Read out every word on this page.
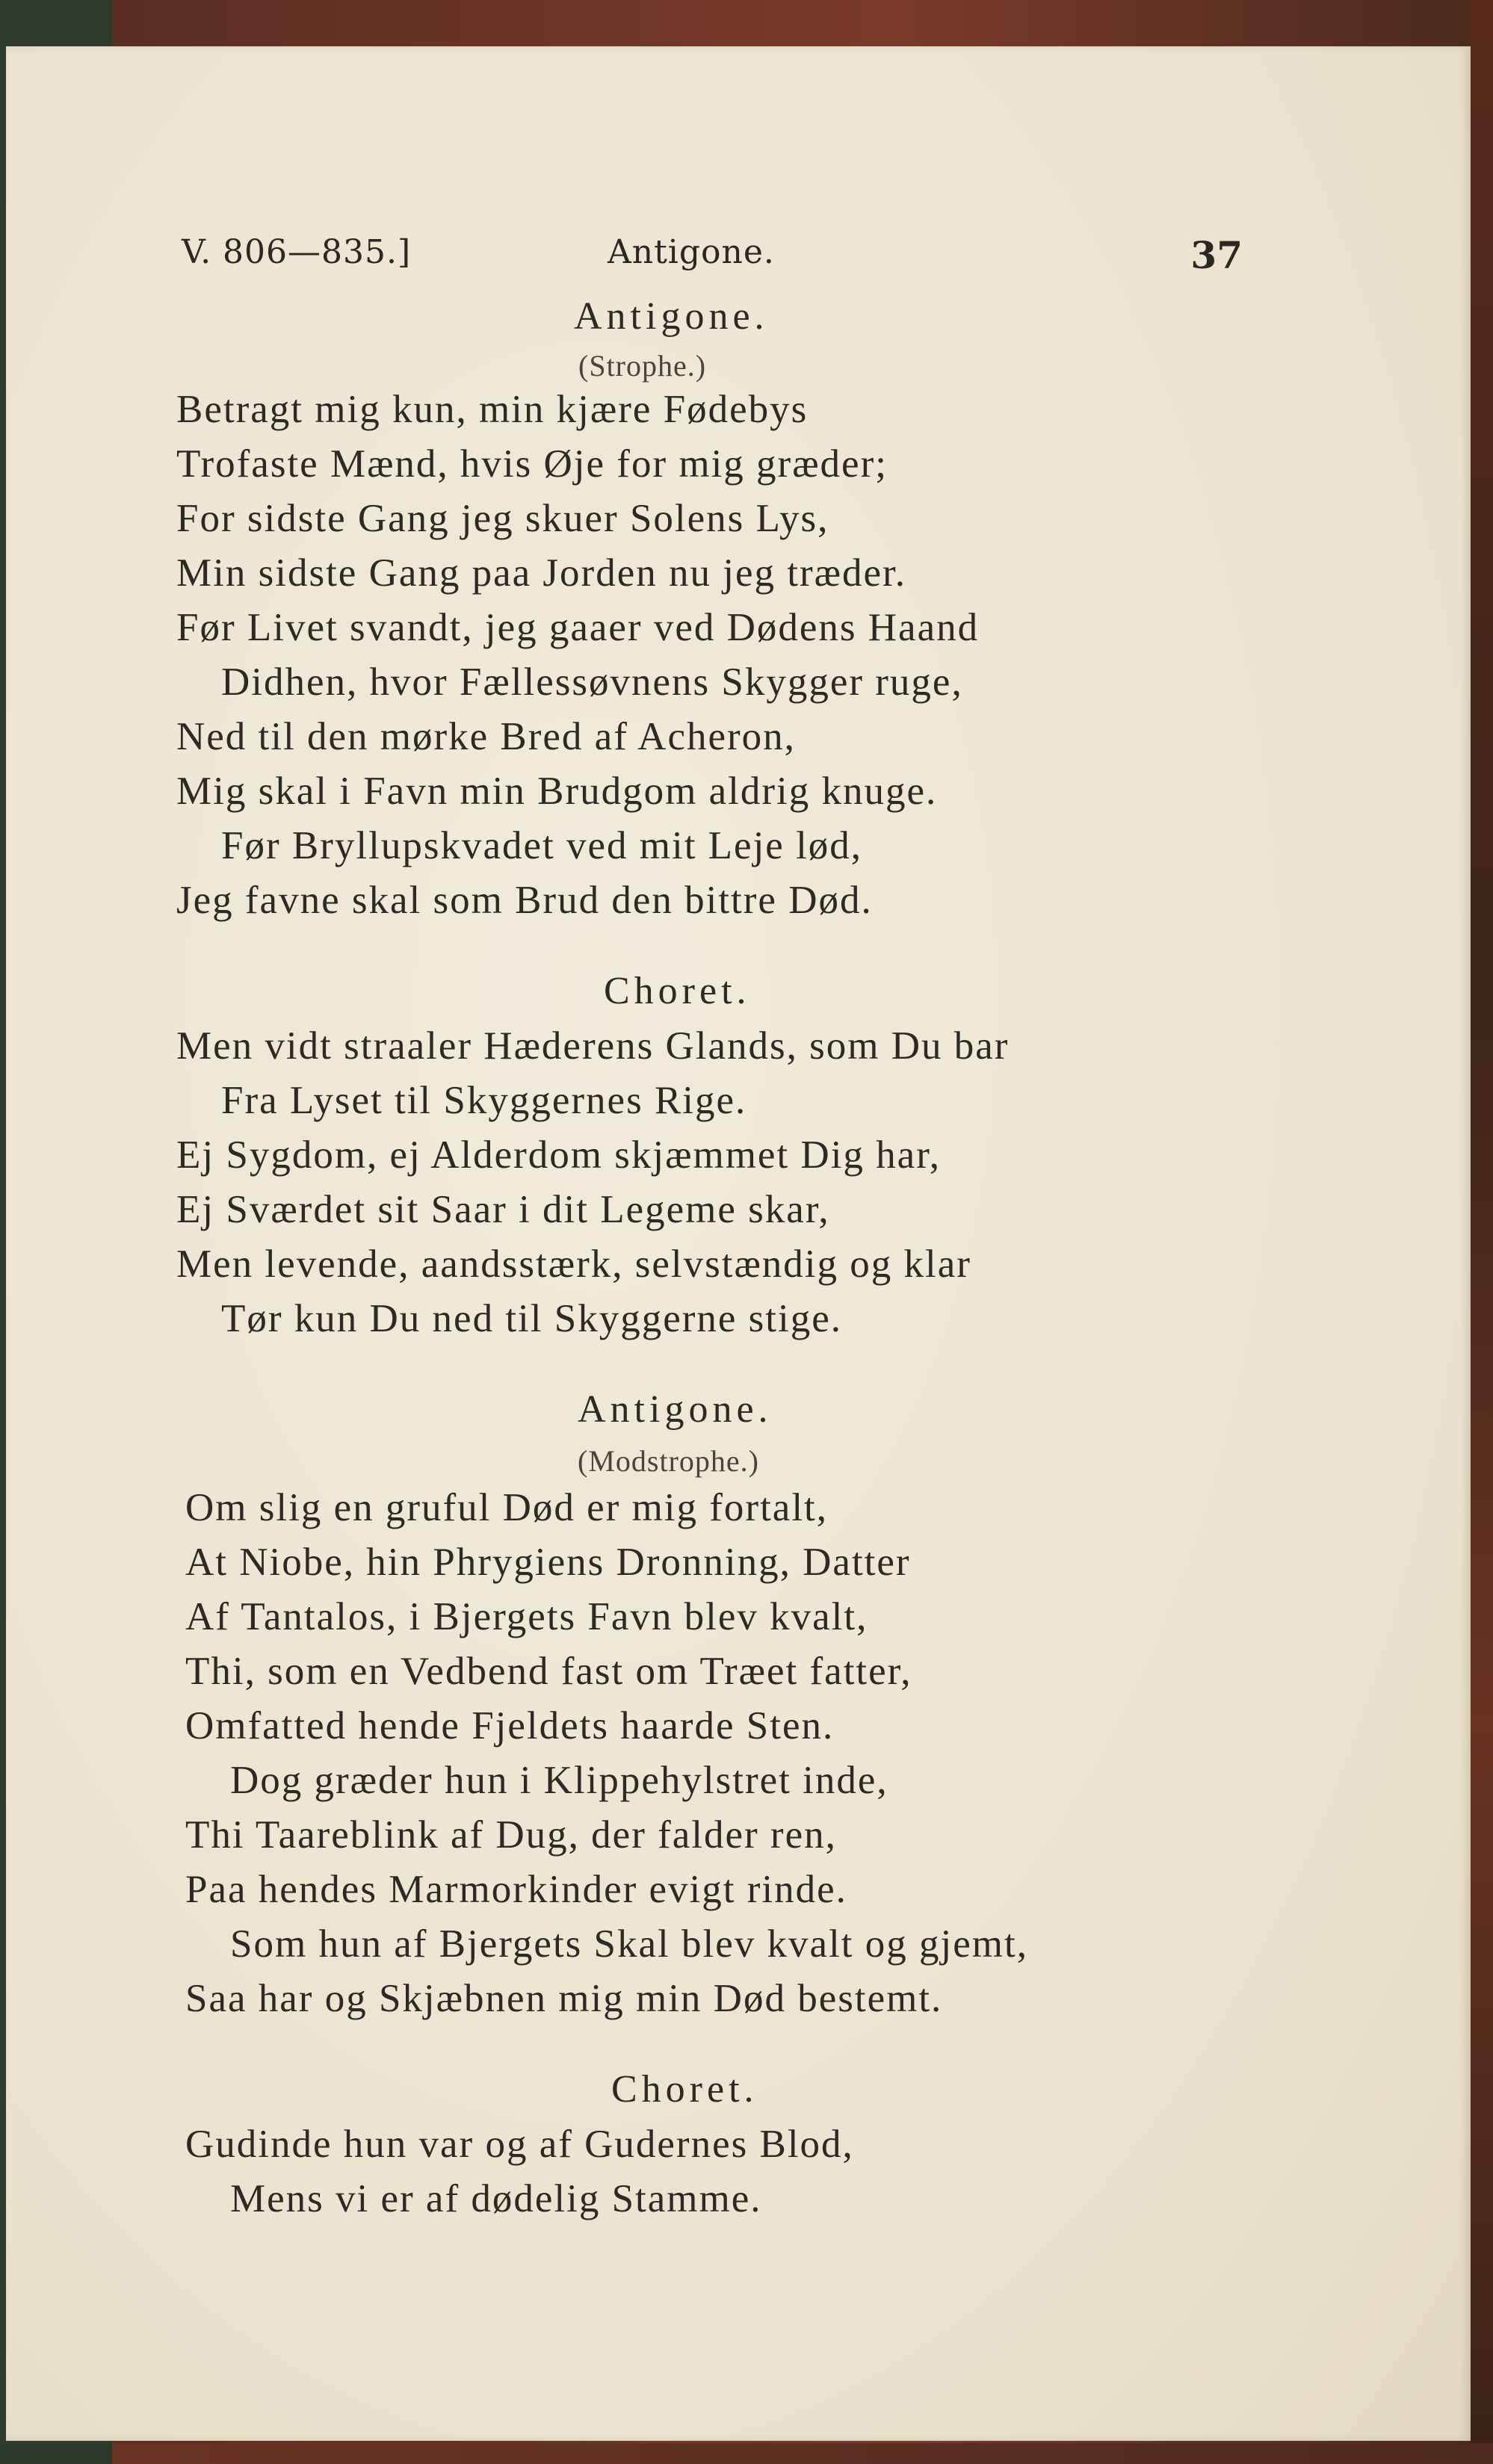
V. 806—835.]	Antigone.	37
Antigone.
(Strophe.)
Betragt mig kun, min kjære Fødebys
Trofaste Mænd, hvis Øje for mig græder;
For sidste Gang jeg skuer Solens Lys,
Min sidste Gang paa Jorden nu jeg træder.
Før Livet svandt, jeg gaaer ved Dødens Haand
Didhen, hvor Fællessøvnens Skygger ruge,
Ned til den mørke Bred af Acheron,
Mig skal i Favn min Brudgom aldrig knuge.
Før Bryllupskvadet ved mit Leje lød,
Jeg favne skal som Brud den bittre Død.
Choret.
Men vidt straaler Hæderens Glands, som Du bar
Fra Lyset til Skyggernes Rige.
Ej Sygdom, ej Alderdom skjæmmet Dig har,
Ej Sværdet sit Saar i dit Legeme skar,
Men levende, aandsstærk, selvstændig og klar
Tør kun Du ned til Skyggerne stige.
Antigone.
(Modstrophe.)
Om slig en gruful Død er mig fortalt,
At Niobe, hin Phrygiens Dronning, Datter
Af Tantalos, i Bjergets Favn blev kvalt,
Thi, som en Vedbend fast om Træet fatter,
Omfatted hende Fjeldets haarde Sten.
Dog græder hun i Klippehylstret inde,
Thi Taareblink af Dug, der falder ren,
Paa hendes Marmorkinder evigt rinde.
Som hun af Bjergets Skal blev kvalt og gjemt,
Saa har og Skjæbnen mig min Død bestemt.
Choret.
Gudinde hun var og af Gudernes Blod,
Mens vi er af dødelig Stamme.
